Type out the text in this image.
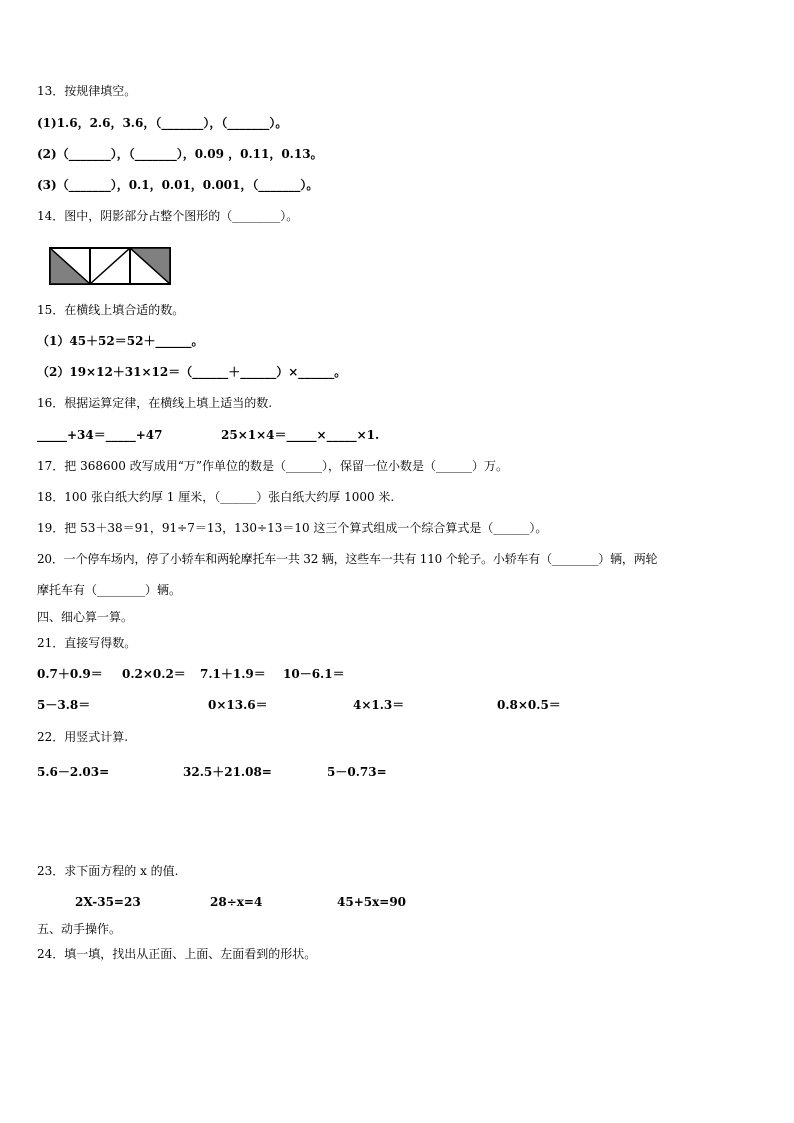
13．按规律填空。
(1)1.6，2.6，3.6，（_______），（_______）。
(2)（_______），（_______），0.09 ，0.11，0.13。
(3)（_______），0.1，0.01，0.001，（_______）。
14．图中，阴影部分占整个图形的（________）。
15．在横线上填合适的数。
（1）45＋52＝52＋______。
（2）19×12＋31×12＝（______＋______）×______。
16．根据运算定律，在横线上填上适当的数.
_____+34＝_____+47	25×1×4＝_____×_____×1.
17．把 368600 改写成用“万”作单位的数是（______），保留一位小数是（______）万。
18．100 张白纸大约厚 1 厘米，（______）张白纸大约厚 1000 米.
19．把 53＋38＝91，91÷7＝13，130÷13＝10 这三个算式组成一个综合算式是（______）。
20．一个停车场内，停了小轿车和两轮摩托车一共 32 辆，这些车一共有 110 个轮子。小轿车有（________）辆，两轮
摩托车有（________）辆。
四、细心算一算。
21．直接写得数。
0.7＋0.9＝ 0.2×0.2＝ 7.1＋1.9＝ 10－6.1＝
5－3.8＝	0×13.6＝	4×1.3＝	0.8×0.5＝
22．用竖式计算.
5.6－2.03=	32.5＋21.08=	5－0.73=
23．求下面方程的 x 的值.
2X-35=23	28÷x=4	45+5x=90
五、动手操作。
24．填一填，找出从正面、上面、左面看到的形状。
